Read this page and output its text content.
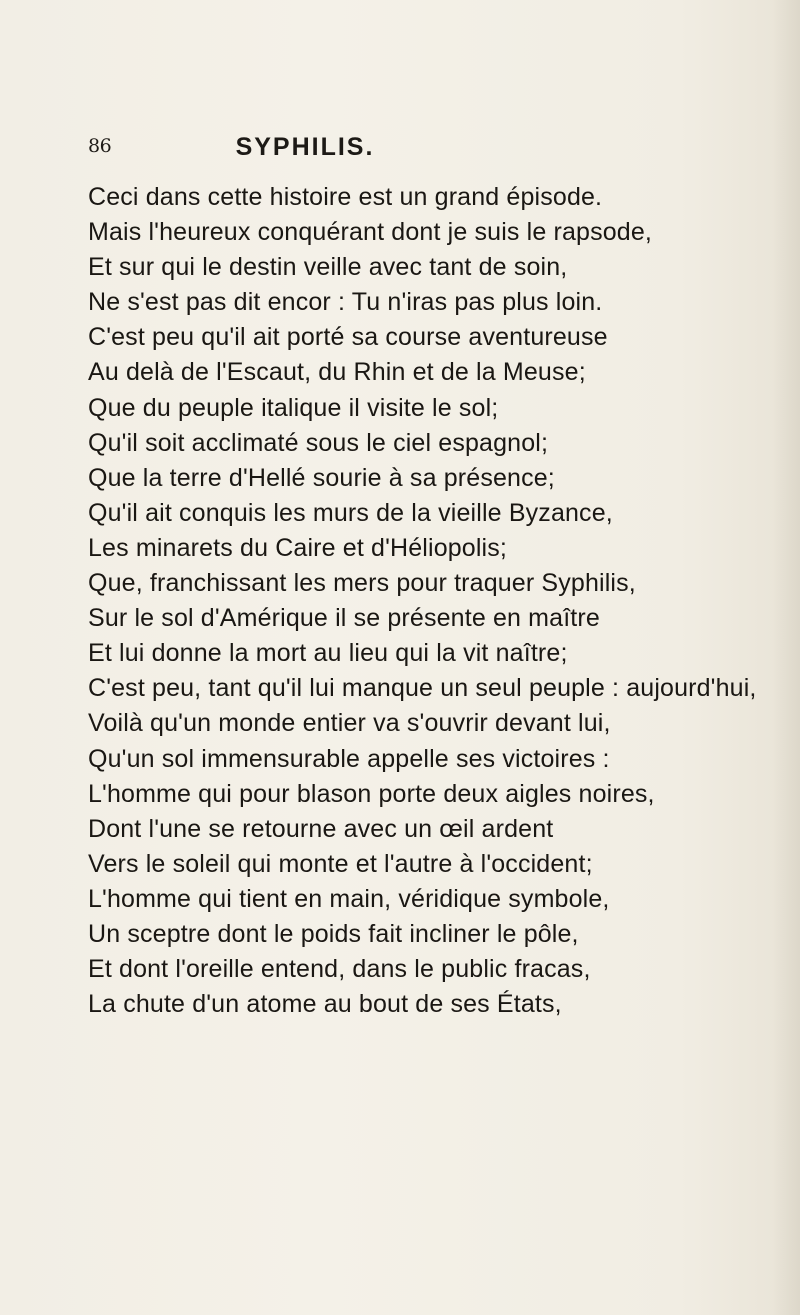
86	SYPHILIS.
Ceci dans cette histoire est un grand épisode.
Mais l'heureux conquérant dont je suis le rapsode,
Et sur qui le destin veille avec tant de soin,
Ne s'est pas dit encor : Tu n'iras pas plus loin.
C'est peu qu'il ait porté sa course aventureuse
Au delà de l'Escaut, du Rhin et de la Meuse;
Que du peuple italique il visite le sol;
Qu'il soit acclimaté sous le ciel espagnol;
Que la terre d'Hellé sourie à sa présence;
Qu'il ait conquis les murs de la vieille Byzance,
Les minarets du Caire et d'Héliopolis;
Que, franchissant les mers pour traquer Syphilis,
Sur le sol d'Amérique il se présente en maître
Et lui donne la mort au lieu qui la vit naître;
C'est peu, tant qu'il lui manque un seul peuple : aujourd'hui,
Voilà qu'un monde entier va s'ouvrir devant lui,
Qu'un sol immensurable appelle ses victoires :
L'homme qui pour blason porte deux aigles noires,
Dont l'une se retourne avec un œil ardent
Vers le soleil qui monte et l'autre à l'occident;
L'homme qui tient en main, véridique symbole,
Un sceptre dont le poids fait incliner le pôle,
Et dont l'oreille entend, dans le public fracas,
La chute d'un atome au bout de ses États,
